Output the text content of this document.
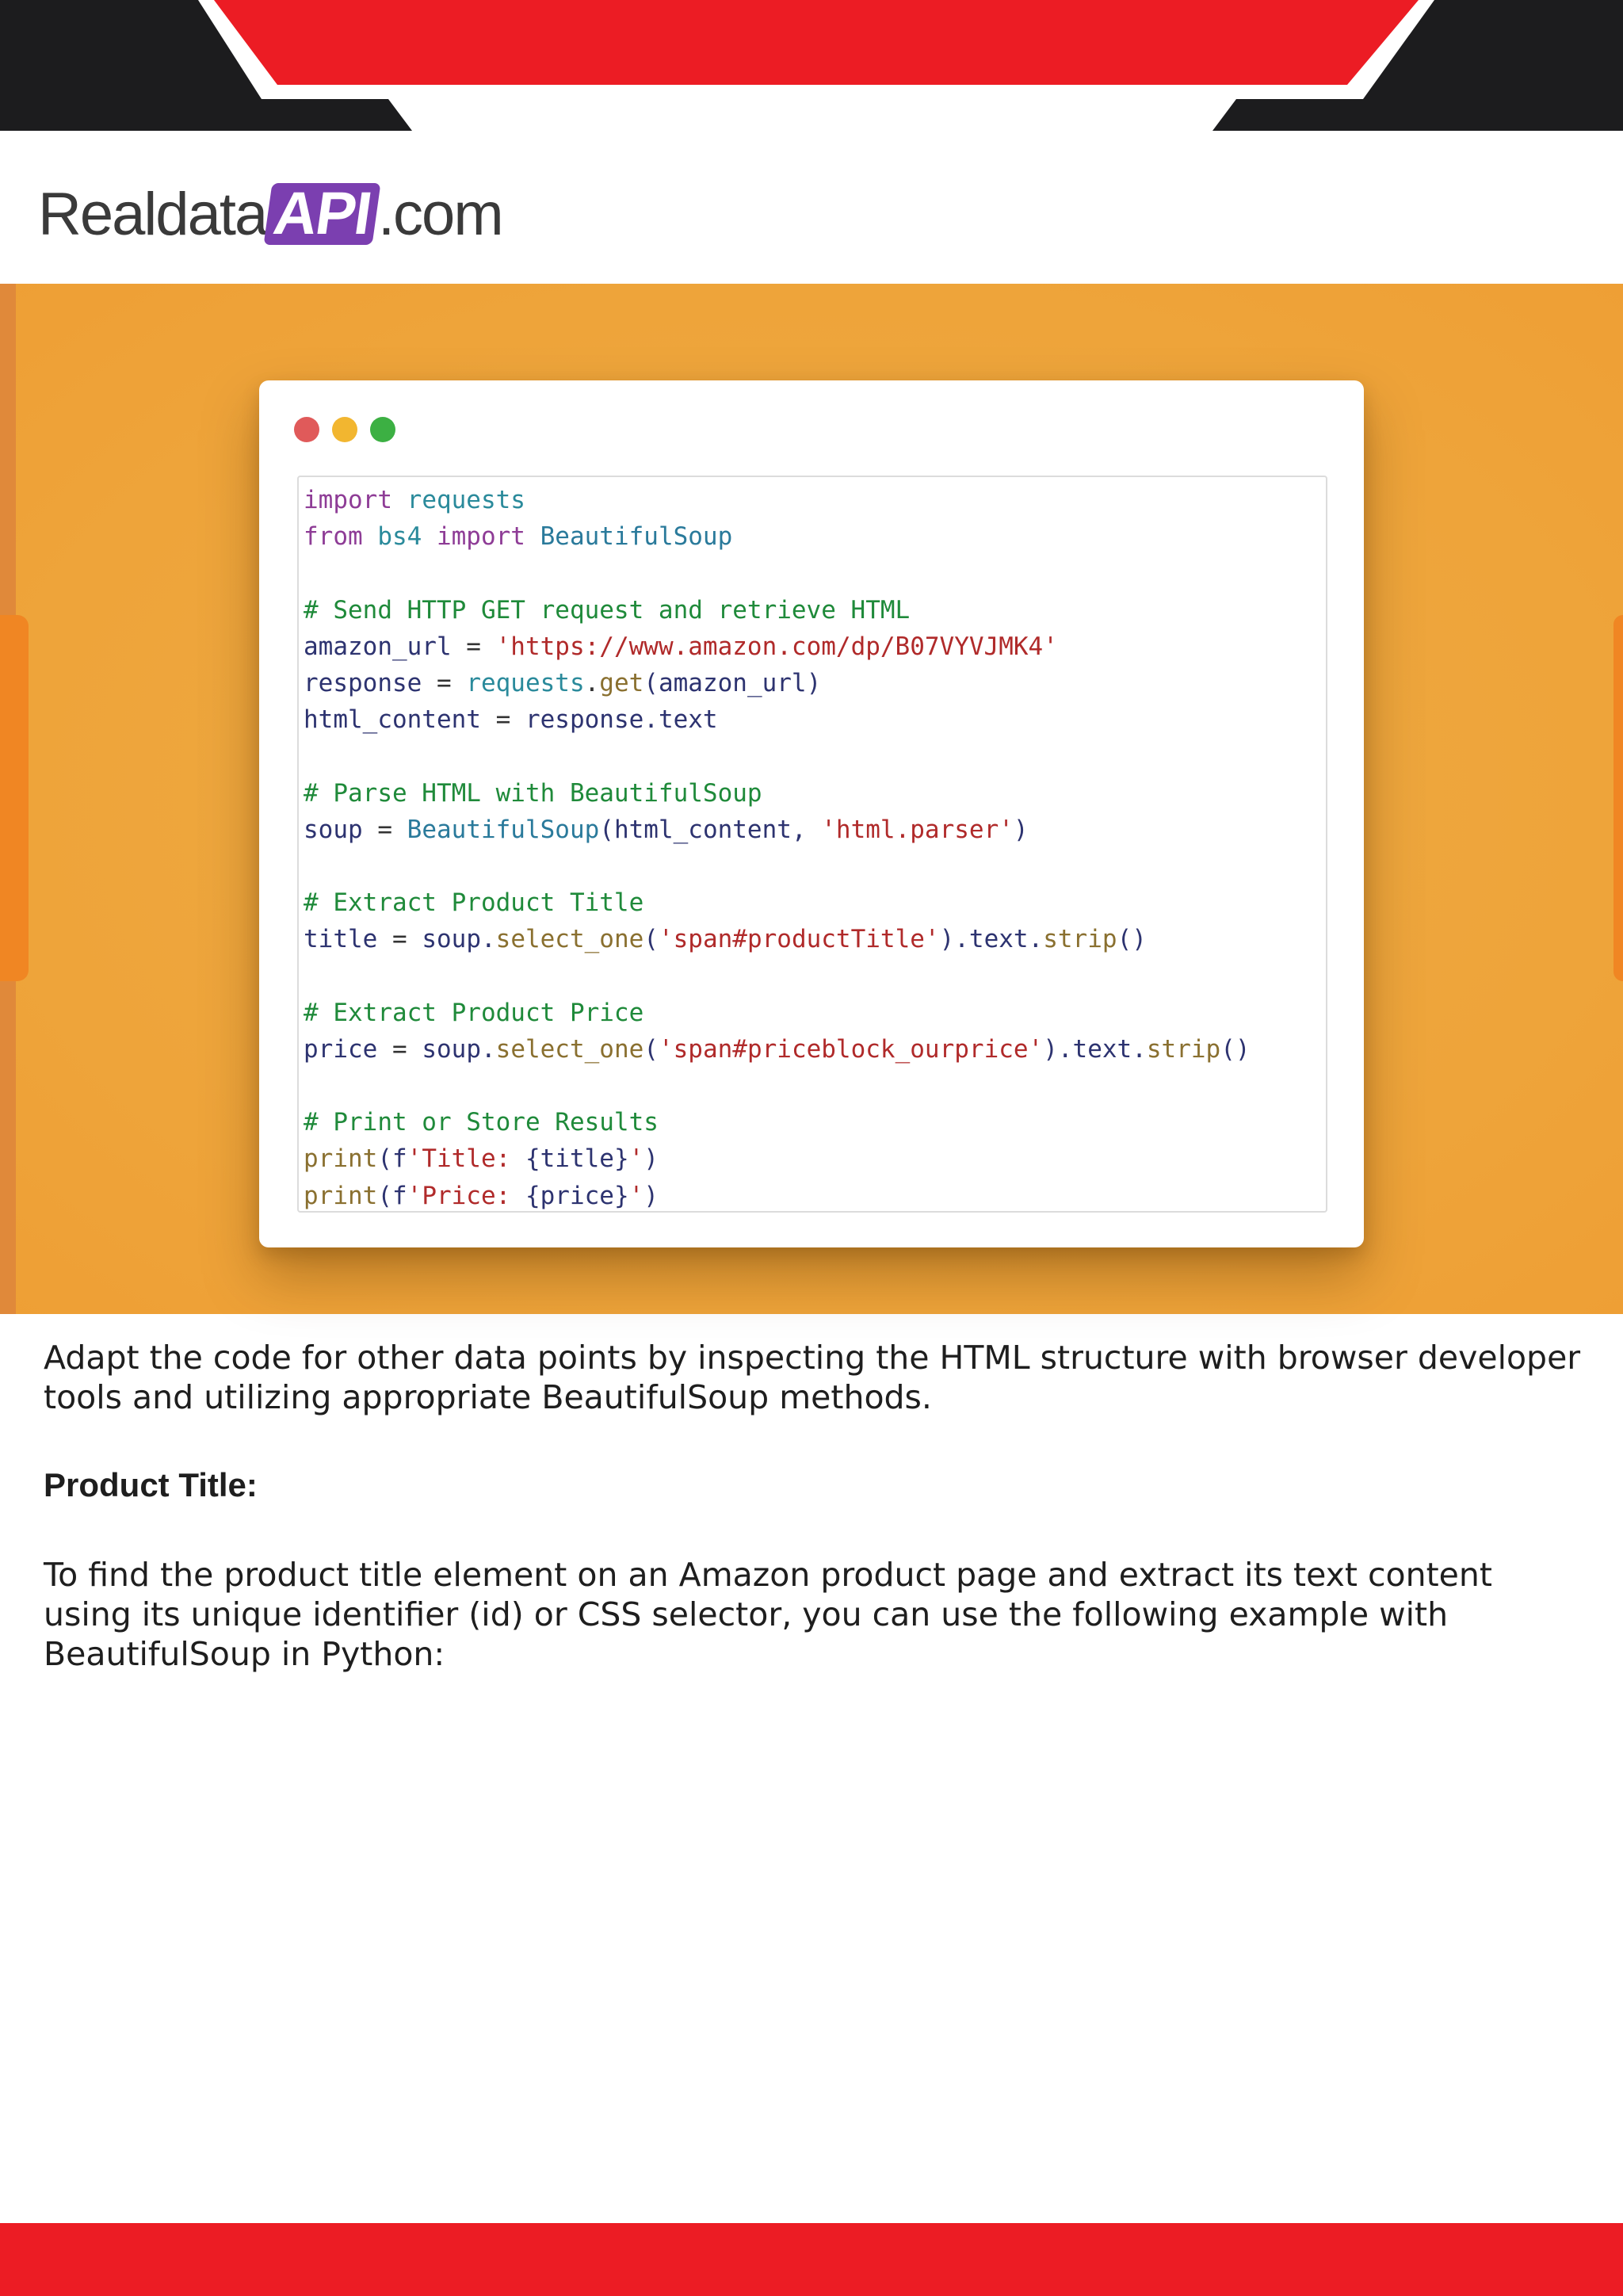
Realdata API .com
import requests
from bs4 import BeautifulSoup
# Send HTTP GET request and retrieve HTML
amazon_url = 'https://www.amazon.com/dp/B07VYVJMK4'
response = requests.get(amazon_url)
html_content = response.text
# Parse HTML with BeautifulSoup
soup = BeautifulSoup(html_content, 'html.parser')
# Extract Product Title
title = soup.select_one('span#productTitle').text.strip()
# Extract Product Price
price = soup.select_one('span#priceblock_ourprice').text.strip()
# Print or Store Results
print(f'Title: {title}')
print(f'Price: {price}')
Adapt the code for other data points by inspecting the HTML structure with browser developer tools and utilizing appropriate BeautifulSoup methods.
Product Title:
To find the product title element on an Amazon product page and extract its text content using its unique identifier (id) or CSS selector, you can use the following example with BeautifulSoup in Python:
